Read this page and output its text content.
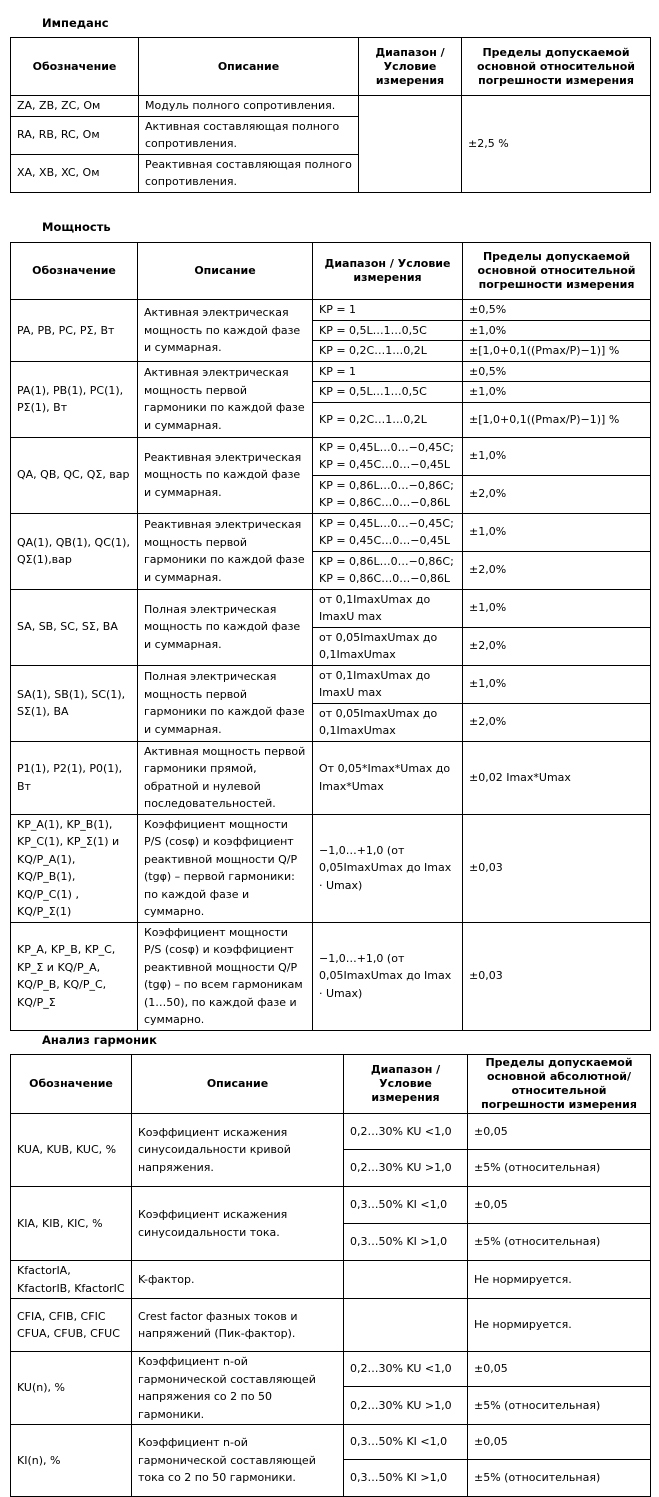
Импеданс
Обозначение	Описание	Диапазон / Условие измерения	Пределы допускаемой основной относительной погрешности измерения
ZA, ZB, ZC, Ом	Модуль полного сопротивления.		±2,5 %
RA, RB, RC, Ом	Активная составляющая полного сопротивления.		
XA, XB, XC, Ом	Реактивная составляющая полного сопротивления.		
Мощность
Обозначение	Описание	Диапазон / Условие измерения	Пределы допускаемой основной относительной погрешности измерения
PA, PB, PC, PΣ, Вт	Активная электрическая мощность по каждой фазе и суммарная.	KP = 1	±0,5%
		KP = 0,5L…1…0,5C	±1,0%
		KP = 0,2C…1…0,2L	±[1,0+0,1((Pmax/P)−1)] %
PA(1), PB(1), PC(1), PΣ(1), Вт	Активная электрическая мощность первой гармоники по каждой фазе и суммарная.	KP = 1	±0,5%
		KP = 0,5L…1…0,5C	±1,0%
		KP = 0,2C…1…0,2L	±[1,0+0,1((Pmax/P)−1)] %
QA, QB, QC, QΣ, вар	Реактивная электрическая мощность по каждой фазе и суммарная.	KP = 0,45L…0…−0,45C; KP = 0,45C…0…−0,45L	±1,0%
		KP = 0,86L…0…−0,86C; KP = 0,86C…0…−0,86L	±2,0%
QA(1), QB(1), QC(1), QΣ(1),вар	Реактивная электрическая мощность первой гармоники по каждой фазе и суммарная.	KP = 0,45L…0…−0,45C; KP = 0,45C…0…−0,45L	±1,0%
		KP = 0,86L…0…−0,86C; KP = 0,86C…0…−0,86L	±2,0%
SA, SB, SC, SΣ, ВА	Полная электрическая мощность по каждой фазе и суммарная.	от 0,1ImaxUmax до ImaxU max	±1,0%
		от 0,05ImaxUmax до 0,1ImaxUmax	±2,0%
SA(1), SB(1), SC(1), SΣ(1), ВА	Полная электрическая мощность первой гармоники по каждой фазе и суммарная.	от 0,1ImaxUmax до ImaxU max	±1,0%
		от 0,05ImaxUmax до 0,1ImaxUmax	±2,0%
P1(1), P2(1), P0(1), Вт	Активная мощность первой гармоники прямой, обратной и нулевой последовательностей.	От 0,05*Imax*Umax до Imax*Umax	±0,02 Imax*Umax
KP_A(1), KP_B(1), KP_C(1), KP_Σ(1) и KQ/P_A(1), KQ/P_B(1), KQ/P_C(1) , KQ/P_Σ(1)	Коэффициент мощности P/S (cosφ) и коэффициент реактивной мощности Q/P (tgφ) – первой гармоники: по каждой фазе и суммарно.	−1,0…+1,0 (от 0,05ImaxUmax до Imax · Umax)	±0,03
KP_A, KP_B, KP_C, KP_Σ и KQ/P_A, KQ/P_B, KQ/P_C, KQ/P_Σ	Коэффициент мощности P/S (cosφ) и коэффициент реактивной мощности Q/P (tgφ) – по всем гармоникам (1…50), по каждой фазе и суммарно.	−1,0…+1,0 (от 0,05ImaxUmax до Imax · Umax)	±0,03
Анализ гармоник
Обозначение	Описание	Диапазон / Условие измерения	Пределы допускаемой основной абсолютной/ относительной погрешности измерения
KUA, KUB, KUC, %	Коэффициент искажения синусоидальности кривой напряжения.	0,2…30% KU <1,0	±0,05
		0,2…30% KU >1,0	±5% (относительная)
KIA, KIB, KIC, %	Коэффициент искажения синусоидальности тока.	0,3…50% KI <1,0	±0,05
		0,3…50% KI >1,0	±5% (относительная)
KfactorIA, KfactorIB, KfactorIC	K-фактор.		Не нормируется.
CFIA, CFIB, CFIC CFUA, CFUB, CFUC	Crest factor фазных токов и напряжений (Пик-фактор).		Не нормируется.
KU(n), %	Коэффициент n-ой гармонической составляющей напряжения со 2 по 50 гармоники.	0,2…30% KU <1,0	±0,05
		0,2…30% KU >1,0	±5% (относительная)
KI(n), %	Коэффициент n-ой гармонической составляющей тока со 2 по 50 гармоники.	0,3…50% KI <1,0	±0,05
		0,3…50% KI >1,0	±5% (относительная)
